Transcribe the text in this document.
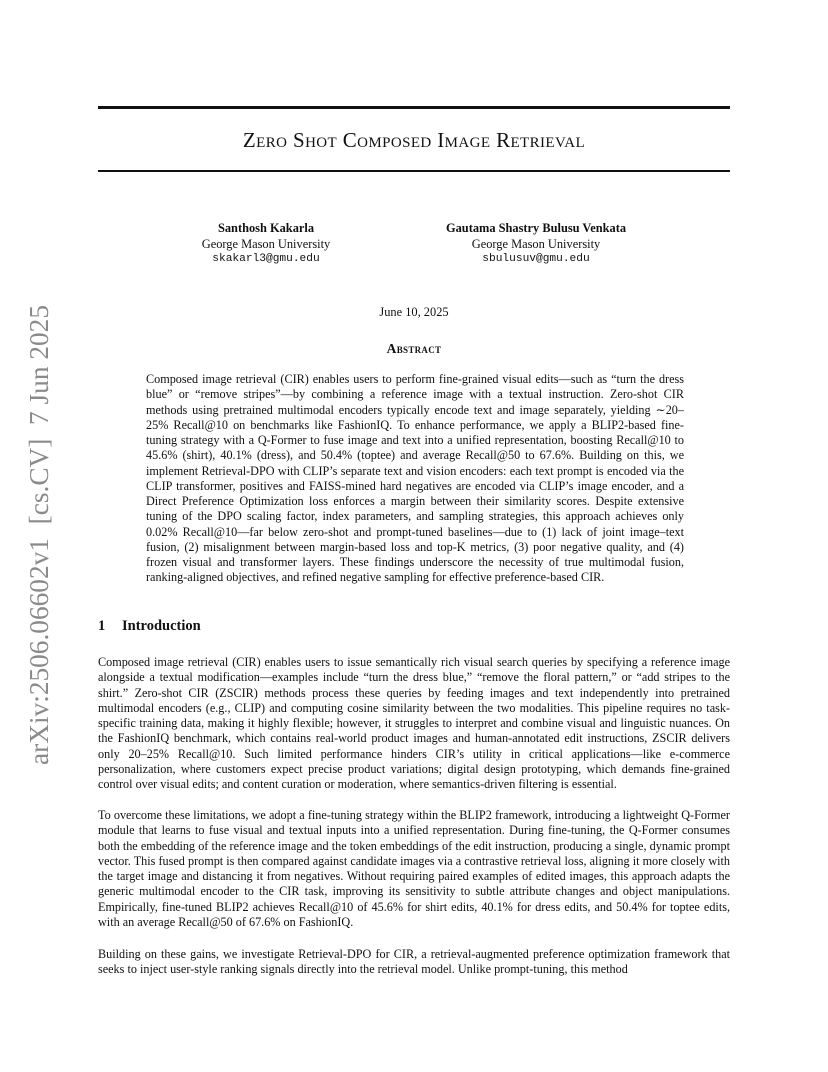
arXiv:2506.06602v1  [cs.CV]  7 Jun 2025
Zero Shot Composed Image Retrieval
Santhosh Kakarla
George Mason University
skakarl3@gmu.edu
Gautama Shastry Bulusu Venkata
George Mason University
sbulusuv@gmu.edu
June 10, 2025
Abstract

Composed image retrieval (CIR) enables users to perform fine-grained visual edits—such as “turn the dress blue” or “remove stripes”—by combining a reference image with a textual instruction. Zero-shot CIR methods using pretrained multimodal encoders typically encode text and image separately, yielding ∼20–25% Recall@10 on benchmarks like FashionIQ. To enhance performance, we apply a BLIP2-based fine-tuning strategy with a Q-Former to fuse image and text into a unified representation, boosting Recall@10 to 45.6% (shirt), 40.1% (dress), and 50.4% (toptee) and average Recall@50 to 67.6%. Building on this, we implement Retrieval-DPO with CLIP’s separate text and vision encoders: each text prompt is encoded via the CLIP transformer, positives and FAISS-mined hard negatives are encoded via CLIP’s image encoder, and a Direct Preference Optimization loss enforces a margin between their similarity scores. Despite extensive tuning of the DPO scaling factor, index parameters, and sampling strategies, this approach achieves only 0.02% Recall@10—far below zero-shot and prompt-tuned baselines—due to (1) lack of joint image–text fusion, (2) misalignment between margin-based loss and top-K metrics, (3) poor negative quality, and (4) frozen visual and transformer layers. These findings underscore the necessity of true multimodal fusion, ranking-aligned objectives, and refined negative sampling for effective preference-based CIR.

1 Introduction

Composed image retrieval (CIR) enables users to issue semantically rich visual search queries by specifying a reference image alongside a textual modification—examples include “turn the dress blue,” “remove the floral pattern,” or “add stripes to the shirt.” Zero-shot CIR (ZSCIR) methods process these queries by feeding images and text independently into pretrained multimodal encoders (e.g., CLIP) and computing cosine similarity between the two modalities. This pipeline requires no task-specific training data, making it highly flexible; however, it struggles to interpret and combine visual and linguistic nuances. On the FashionIQ benchmark, which contains real-world product images and human-annotated edit instructions, ZSCIR delivers only 20–25% Recall@10. Such limited performance hinders CIR’s utility in critical applications—like e-commerce personalization, where customers expect precise product variations; digital design prototyping, which demands fine-grained control over visual edits; and content curation or moderation, where semantics-driven filtering is essential.

To overcome these limitations, we adopt a fine-tuning strategy within the BLIP2 framework, introducing a lightweight Q-Former module that learns to fuse visual and textual inputs into a unified representation. During fine-tuning, the Q-Former consumes both the embedding of the reference image and the token embeddings of the edit instruction, producing a single, dynamic prompt vector. This fused prompt is then compared against candidate images via a contrastive retrieval loss, aligning it more closely with the target image and distancing it from negatives. Without requiring paired examples of edited images, this approach adapts the generic multimodal encoder to the CIR task, improving its sensitivity to subtle attribute changes and object manipulations. Empirically, fine-tuned BLIP2 achieves Recall@10 of 45.6% for shirt edits, 40.1% for dress edits, and 50.4% for toptee edits, with an average Recall@50 of 67.6% on FashionIQ.

Building on these gains, we investigate Retrieval-DPO for CIR, a retrieval-augmented preference optimization framework that seeks to inject user-style ranking signals directly into the retrieval model. Unlike prompt-tuning, this method
